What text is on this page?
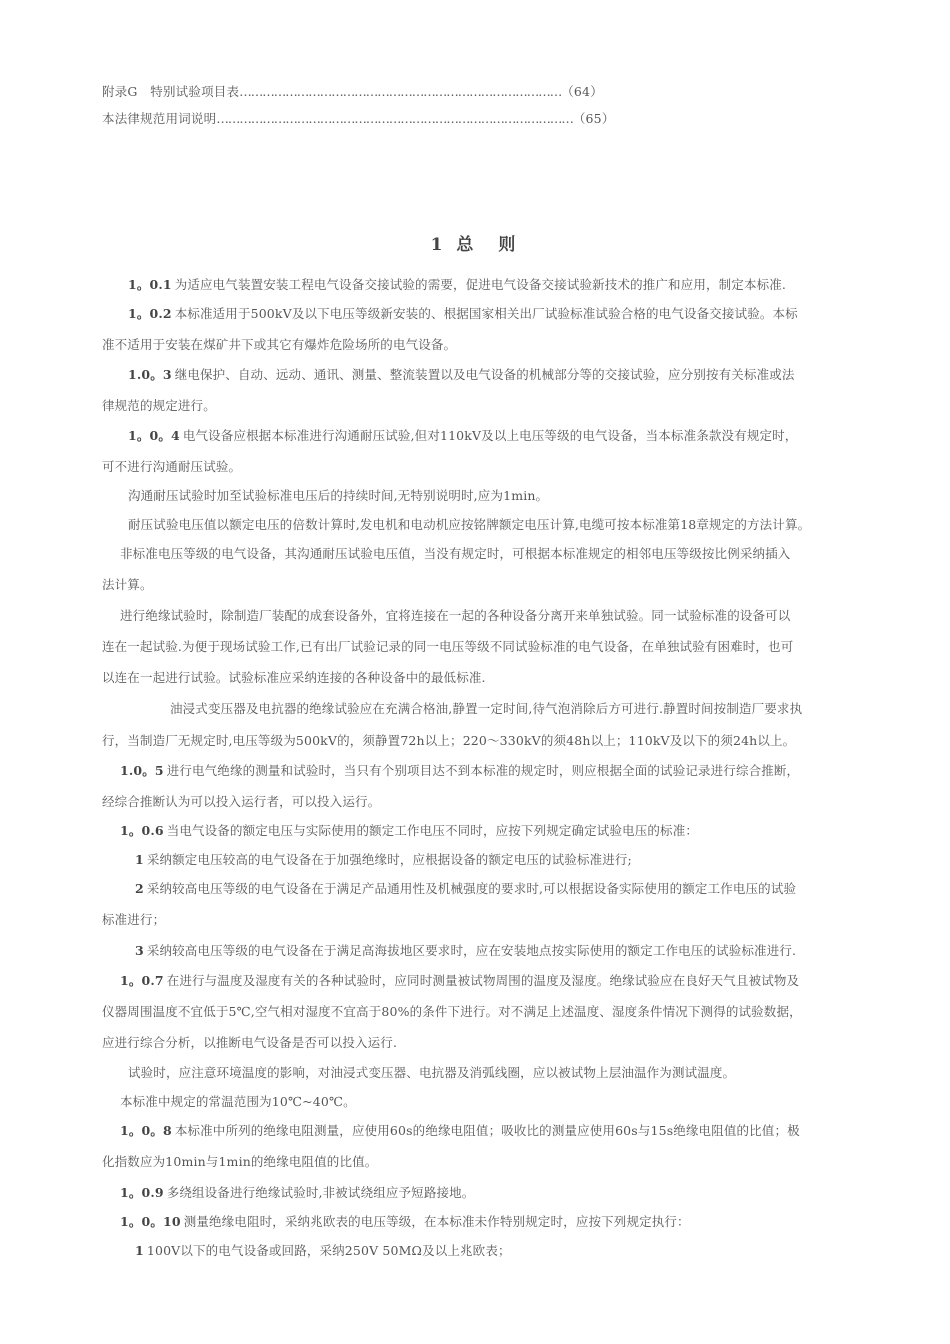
附录G　特别试验项目表…………………………………………………………………………（64）
本法律规范用词说明…………………………………………………………………………………（65）
1 总　则
1。0.1 为适应电气装置安装工程电气设备交接试验的需要，促进电气设备交接试验新技术的推广和应用，制定本标准.
1。0.2 本标准适用于500kV及以下电压等级新安装的、根据国家相关出厂试验标准试验合格的电气设备交接试验。本标
准不适用于安装在煤矿井下或其它有爆炸危险场所的电气设备。
1.0。3 继电保护、自动、远动、通讯、测量、整流装置以及电气设备的机械部分等的交接试验，应分别按有关标准或法
律规范的规定进行。
1。0。4 电气设备应根据本标准进行沟通耐压试验,但对110kV及以上电压等级的电气设备，当本标准条款没有规定时，
可不进行沟通耐压试验。
沟通耐压试验时加至试验标准电压后的持续时间,无特别说明时,应为1min。
耐压试验电压值以额定电压的倍数计算时,发电机和电动机应按铭牌额定电压计算,电缆可按本标准第18章规定的方法计算。
非标准电压等级的电气设备，其沟通耐压试验电压值，当没有规定时，可根据本标准规定的相邻电压等级按比例采纳插入
法计算。
进行绝缘试验时，除制造厂装配的成套设备外，宜将连接在一起的各种设备分离开来单独试验。同一试验标准的设备可以
连在一起试验.为便于现场试验工作,已有出厂试验记录的同一电压等级不同试验标准的电气设备，在单独试验有困难时，也可
以连在一起进行试验。试验标准应采纳连接的各种设备中的最低标准.
油浸式变压器及电抗器的绝缘试验应在充满合格油,静置一定时间,待气泡消除后方可进行.静置时间按制造厂要求执
行，当制造厂无规定时,电压等级为500kV的，须静置72h以上；220～330kV的须48h以上；110kV及以下的须24h以上。
1.0。5 进行电气绝缘的测量和试验时，当只有个别项目达不到本标准的规定时，则应根据全面的试验记录进行综合推断，
经综合推断认为可以投入运行者，可以投入运行。
1。0.6 当电气设备的额定电压与实际使用的额定工作电压不同时，应按下列规定确定试验电压的标准：
1 采纳额定电压较高的电气设备在于加强绝缘时，应根据设备的额定电压的试验标准进行;
2 采纳较高电压等级的电气设备在于满足产品通用性及机械强度的要求时,可以根据设备实际使用的额定工作电压的试验
标准进行；
3 采纳较高电压等级的电气设备在于满足高海拔地区要求时，应在安装地点按实际使用的额定工作电压的试验标准进行.
1。0.7 在进行与温度及湿度有关的各种试验时，应同时测量被试物周围的温度及湿度。绝缘试验应在良好天气且被试物及
仪器周围温度不宜低于5℃,空气相对湿度不宜高于80%的条件下进行。对不满足上述温度、湿度条件情况下测得的试验数据，
应进行综合分析，以推断电气设备是否可以投入运行.
试验时，应注意环境温度的影响，对油浸式变压器、电抗器及消弧线圈，应以被试物上层油温作为测试温度。
本标准中规定的常温范围为10℃~40℃。
1。0。8 本标准中所列的绝缘电阻测量，应使用60s的绝缘电阻值；吸收比的测量应使用60s与15s绝缘电阻值的比值；极
化指数应为10min与1min的绝缘电阻值的比值。
1。0.9 多绕组设备进行绝缘试验时,非被试绕组应予短路接地。
1。0。10 测量绝缘电阻时，采纳兆欧表的电压等级，在本标准未作特别规定时，应按下列规定执行：
1 100V以下的电气设备或回路，采纳250V 50MΩ及以上兆欧表；
